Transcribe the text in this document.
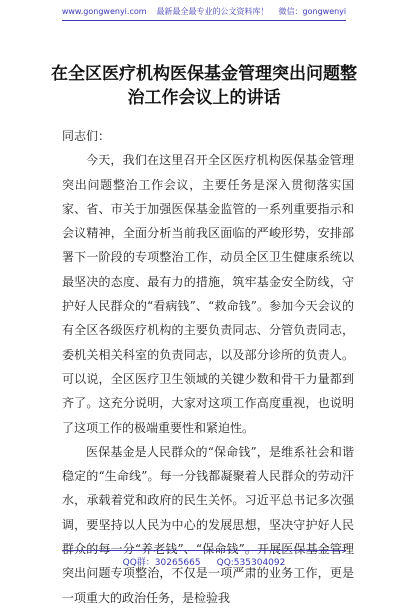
www.gongwenyi.com 最新最全最专业的公文资料库！ 微信：gongwenyi
在全区医疗机构医保基金管理突出问题整
治工作会议上的讲话

同志们：

今天，我们在这里召开全区医疗机构医保基金管理突出问题整治工作会议，主要任务是深入贯彻落实国家、省、市关于加强医保基金监管的一系列重要指示和会议精神，全面分析当前我区面临的严峻形势，安排部署下一阶段的专项整治工作，动员全区卫生健康系统以最坚决的态度、最有力的措施，筑牢基金安全防线，守护好人民群众的“看病钱”、“救命钱”。参加今天会议的有全区各级医疗机构的主要负责同志、分管负责同志，委机关相关科室的负责同志，以及部分诊所的负责人。可以说，全区医疗卫生领域的关键少数和骨干力量都到齐了。这充分说明，大家对这项工作高度重视，也说明了这项工作的极端重要性和紧迫性。

医保基金是人民群众的“保命钱”，是维系社会和谐稳定的“生命线”。每一分钱都凝聚着人民群众的劳动汗水，承载着党和政府的民生关怀。习近平总书记多次强调，要坚持以人民为中心的发展思想，坚决守护好人民群众的每一分“养老钱”、“保命钱”。开展医保基金管理突出问题专项整治，不仅是一项严肃的业务工作，更是一项重大的政治任务，是检验我

QQ群：30265665 QQ:535304092
